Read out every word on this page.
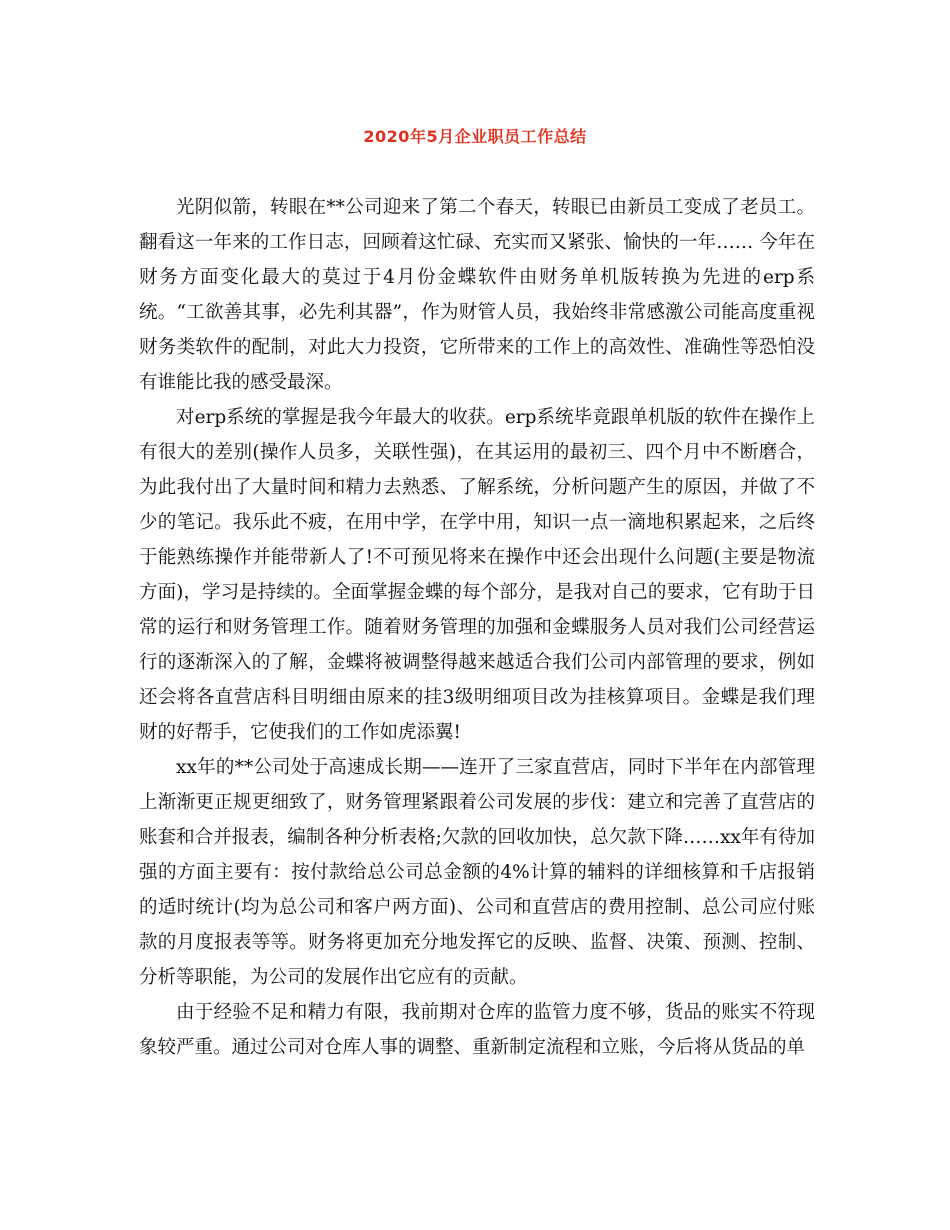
2020年5月企业职员工作总结

光阴似箭，转眼在**公司迎来了第二个春天，转眼已由新员工变成了老员工。翻看这一年来的工作日志，回顾着这忙碌、充实而又紧张、愉快的一年…… 今年在财务方面变化最大的莫过于4月份金蝶软件由财务单机版转换为先进的erp系统。“工欲善其事，必先利其器”，作为财管人员，我始终非常感激公司能高度重视财务类软件的配制，对此大力投资，它所带来的工作上的高效性、准确性等恐怕没有谁能比我的感受最深。

对erp系统的掌握是我今年最大的收获。erp系统毕竟跟单机版的软件在操作上有很大的差别(操作人员多，关联性强)，在其运用的最初三、四个月中不断磨合，为此我付出了大量时间和精力去熟悉、了解系统，分析问题产生的原因，并做了不少的笔记。我乐此不疲，在用中学，在学中用，知识一点一滴地积累起来，之后终于能熟练操作并能带新人了!不可预见将来在操作中还会出现什么问题(主要是物流方面)，学习是持续的。全面掌握金蝶的每个部分，是我对自己的要求，它有助于日常的运行和财务管理工作。随着财务管理的加强和金蝶服务人员对我们公司经营运行的逐渐深入的了解，金蝶将被调整得越来越适合我们公司内部管理的要求，例如还会将各直营店科目明细由原来的挂3级明细项目改为挂核算项目。金蝶是我们理财的好帮手，它使我们的工作如虎添翼!

xx年的**公司处于高速成长期——连开了三家直营店，同时下半年在内部管理上渐渐更正规更细致了，财务管理紧跟着公司发展的步伐：建立和完善了直营店的账套和合并报表，编制各种分析表格;欠款的回收加快，总欠款下降……xx年有待加强的方面主要有：按付款给总公司总金额的4%计算的辅料的详细核算和千店报销的适时统计(均为总公司和客户两方面)、公司和直营店的费用控制、总公司应付账款的月度报表等等。财务将更加充分地发挥它的反映、监督、决策、预测、控制、分析等职能，为公司的发展作出它应有的贡献。

由于经验不足和精力有限，我前期对仓库的监管力度不够，货品的账实不符现象较严重。通过公司对仓库人事的调整、重新制定流程和立账，今后将从货品的单
